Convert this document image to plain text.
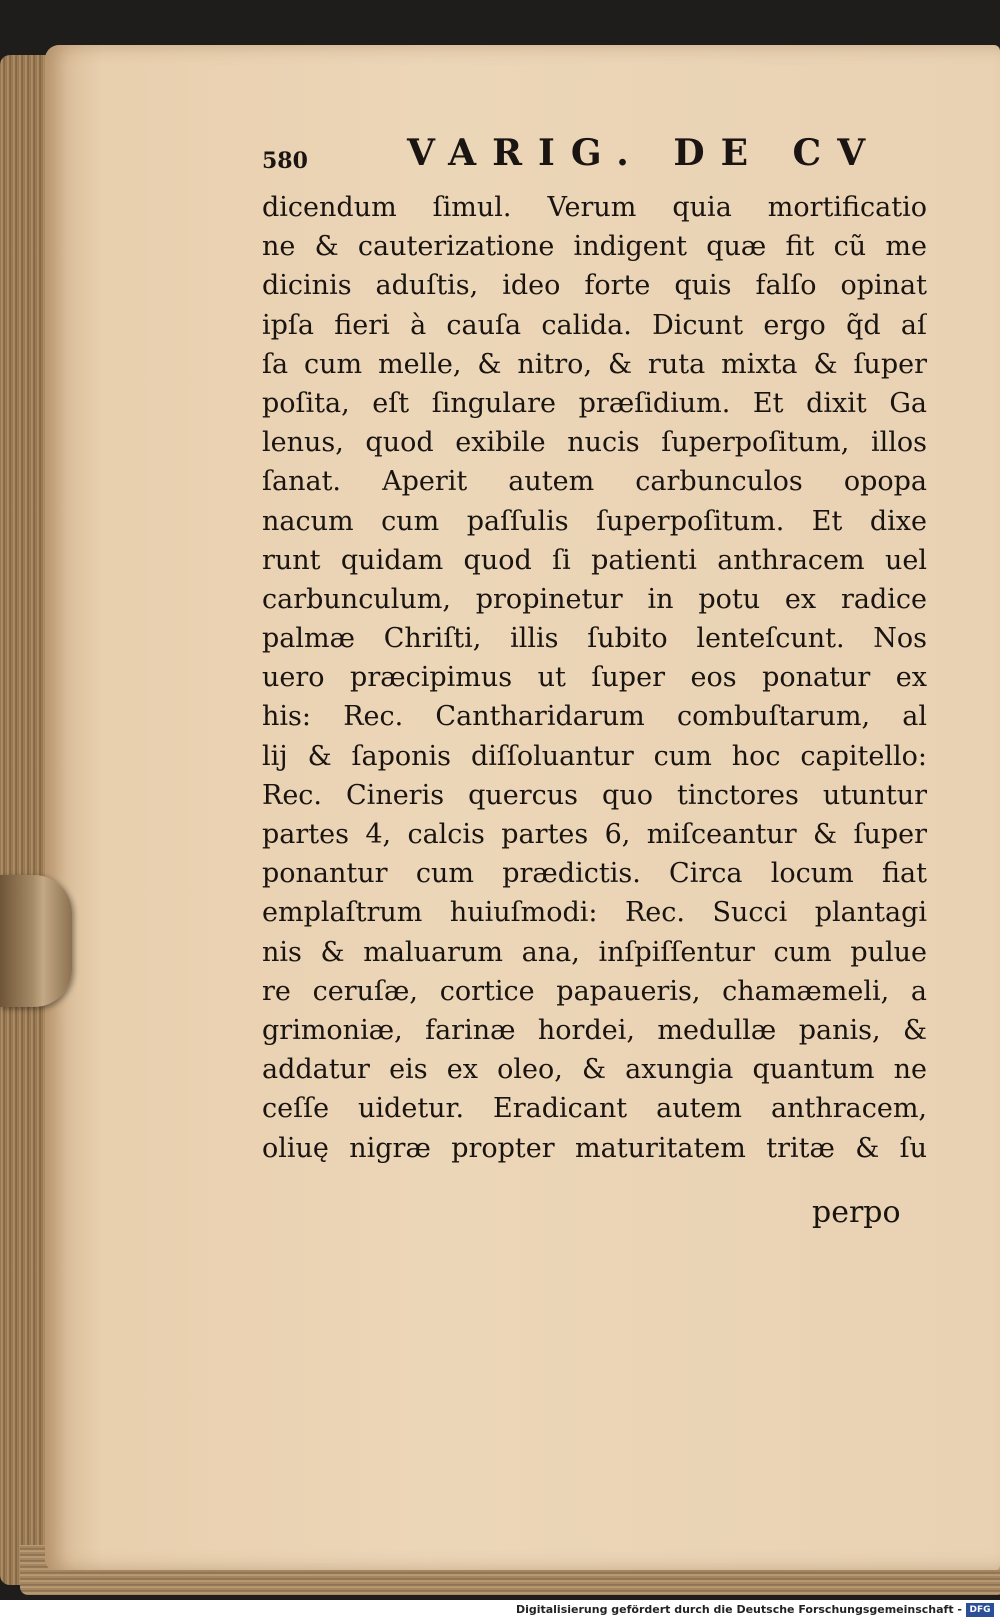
580	VARIG. DE CV
dicendum ſimul. Verum quia mortificatio
ne & cauterizatione indigent quæ fit cũ me
dicinis aduſtis, ideo forte quis falſo opinat
ipſa fieri à cauſa calida. Dicunt ergo q̃d aſ
ſa cum melle, & nitro, & ruta mixta & ſuper
poſita, eſt ſingulare præſidium. Et dixit Ga
lenus, quod exibile nucis ſuperpoſitum, illos
ſanat. Aperit autem carbunculos opopa
nacum cum paſſulis ſuperpoſitum. Et dixe
runt quidam quod ſi patienti anthracem uel
carbunculum, propinetur in potu ex radice
palmæ Chriſti, illis ſubito lenteſcunt. Nos
uero præcipimus ut ſuper eos ponatur ex
his: Rec. Cantharidarum combuſtarum, al
lij & ſaponis diſſoluantur cum hoc capitello:
Rec. Cineris quercus quo tinctores utuntur
partes 4, calcis partes 6, miſceantur & ſuper
ponantur cum prædictis. Circa locum fiat
emplaſtrum huiuſmodi: Rec. Succi plantagi
nis & maluarum ana, inſpiſſentur cum pulue
re ceruſæ, cortice papaueris, chamæmeli, a
grimoniæ, farinæ hordei, medullæ panis, &
addatur eis ex oleo, & axungia quantum ne
ceſſe uidetur. Eradicant autem anthracem,
oliuę nigræ propter maturitatem tritæ & ſu
perpo
Digitalisierung gefördert durch die Deutsche Forschungsgemeinschaft - DFG
